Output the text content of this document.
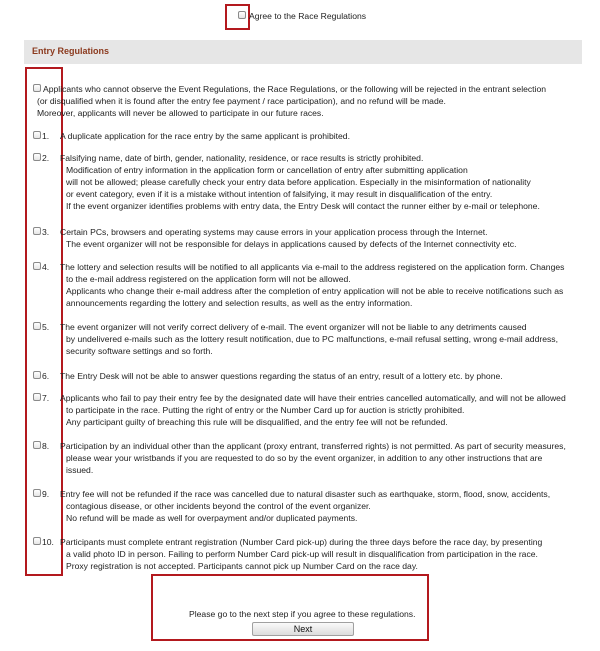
Agree to the Race Regulations
Entry Regulations
Applicants who cannot observe the Event Regulations, the Race Regulations, or the following will be rejected in the entrant selection
(or disqualified when it is found after the entry fee payment / race participation), and no refund will be made.
Moreover, applicants will never be allowed to participate in our future races.
1. A duplicate application for the race entry by the same applicant is prohibited.
2. Falsifying name, date of birth, gender, nationality, residence, or race results is strictly prohibited.
Modification of entry information in the application form or cancellation of entry after submitting application
will not be allowed; please carefully check your entry data before application. Especially in the misinformation of nationality
or event category, even if it is a mistake without intention of falsifying, it may result in disqualification of the entry.
If the event organizer identifies problems with entry data, the Entry Desk will contact the runner either by e-mail or telephone.
3. Certain PCs, browsers and operating systems may cause errors in your application process through the Internet.
The event organizer will not be responsible for delays in applications caused by defects of the Internet connectivity etc.
4. The lottery and selection results will be notified to all applicants via e-mail to the address registered on the application form. Changes
to the e-mail address registered on the application form will not be allowed.
Applicants who change their e-mail address after the completion of entry application will not be able to receive notifications such as
announcements regarding the lottery and selection results, as well as the entry information.
5. The event organizer will not verify correct delivery of e-mail. The event organizer will not be liable to any detriments caused
by undelivered e-mails such as the lottery result notification, due to PC malfunctions, e-mail refusal setting, wrong e-mail address,
security software settings and so forth.
6. The Entry Desk will not be able to answer questions regarding the status of an entry, result of a lottery etc. by phone.
7. Applicants who fail to pay their entry fee by the designated date will have their entries cancelled automatically, and will not be allowed
to participate in the race. Putting the right of entry or the Number Card up for auction is strictly prohibited.
Any participant guilty of breaching this rule will be disqualified, and the entry fee will not be refunded.
8. Participation by an individual other than the applicant (proxy entrant, transferred rights) is not permitted. As part of security measures,
please wear your wristbands if you are requested to do so by the event organizer, in addition to any other instructions that are
issued.
9. Entry fee will not be refunded if the race was cancelled due to natural disaster such as earthquake, storm, flood, snow, accidents,
contagious disease, or other incidents beyond the control of the event organizer.
No refund will be made as well for overpayment and/or duplicated payments.
10. Participants must complete entrant registration (Number Card pick-up) during the three days before the race day, by presenting
a valid photo ID in person. Failing to perform Number Card pick-up will result in disqualification from participation in the race.
Proxy registration is not accepted. Participants cannot pick up Number Card on the race day.
Please go to the next step if you agree to these regulations.
Next
